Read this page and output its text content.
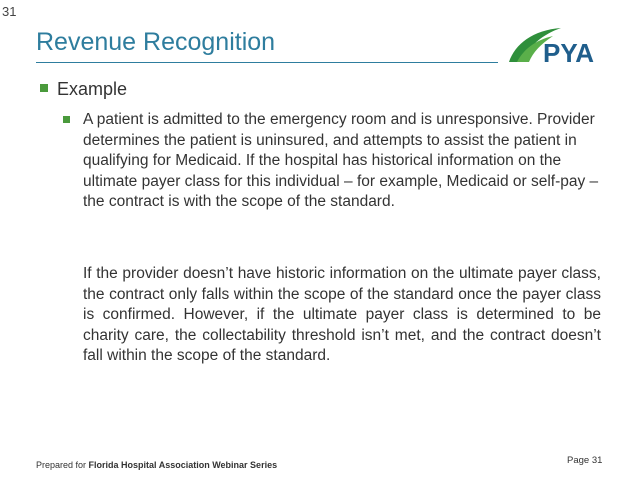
31
Revenue Recognition	PYA
Example
A patient is admitted to the emergency room and is unresponsive. Provider determines the patient is uninsured, and attempts to assist the patient in qualifying for Medicaid. If the hospital has historical information on the ultimate payer class for this individual – for example, Medicaid or self-pay – the contract is with the scope of the standard.
If the provider doesn’t have historic information on the ultimate payer class, the contract only falls within the scope of the standard once the payer class is confirmed. However, if the ultimate payer class is determined to be charity care, the collectability threshold isn’t met, and the contract doesn’t fall within the scope of the standard.
Prepared for Florida Hospital Association Webinar Series	Page 31
